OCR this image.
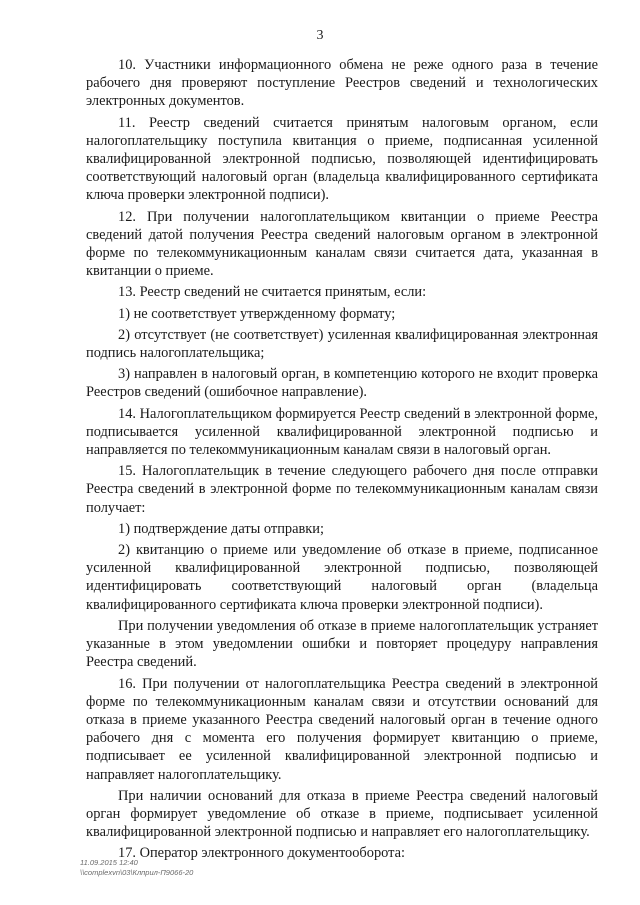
3

10. Участники информационного обмена не реже одного раза в течение рабочего дня проверяют поступление Реестров сведений и технологических электронных документов.

11. Реестр сведений считается принятым налоговым органом, если налогоплательщику поступила квитанция о приеме, подписанная усиленной квалифицированной электронной подписью, позволяющей идентифицировать соответствующий налоговый орган (владельца квалифицированного сертификата ключа проверки электронной подписи).

12. При получении налогоплательщиком квитанции о приеме Реестра сведений датой получения Реестра сведений налоговым органом в электронной форме по телекоммуникационным каналам связи считается дата, указанная в квитанции о приеме.

13. Реестр сведений не считается принятым, если:

1) не соответствует утвержденному формату;

2) отсутствует (не соответствует) усиленная квалифицированная электронная подпись налогоплательщика;

3) направлен в налоговый орган, в компетенцию которого не входит проверка Реестров сведений (ошибочное направление).

14. Налогоплательщиком формируется Реестр сведений в электронной форме, подписывается усиленной квалифицированной электронной подписью и направляется по телекоммуникационным каналам связи в налоговый орган.

15. Налогоплательщик в течение следующего рабочего дня после отправки Реестра сведений в электронной форме по телекоммуникационным каналам связи получает:

1) подтверждение даты отправки;

2) квитанцию о приеме или уведомление об отказе в приеме, подписанное усиленной квалифицированной электронной подписью, позволяющей идентифицировать соответствующий налоговый орган (владельца квалифицированного сертификата ключа проверки электронной подписи).

При получении уведомления об отказе в приеме налогоплательщик устраняет указанные в этом уведомлении ошибки и повторяет процедуру направления Реестра сведений.

16. При получении от налогоплательщика Реестра сведений в электронной форме по телекоммуникационным каналам связи и отсутствии оснований для отказа в приеме указанного Реестра сведений налоговый орган в течение одного рабочего дня с момента его получения формирует квитанцию о приеме, подписывает ее усиленной квалифицированной электронной подписью и направляет налогоплательщику.

При наличии оснований для отказа в приеме Реестра сведений налоговый орган формирует уведомление об отказе в приеме, подписывает усиленной квалифицированной электронной подписью и направляет его налогоплательщику.

17. Оператор электронного документооборота:

11.09.2015 12:40
\\complexvn\03\Клприл-П9066-20
